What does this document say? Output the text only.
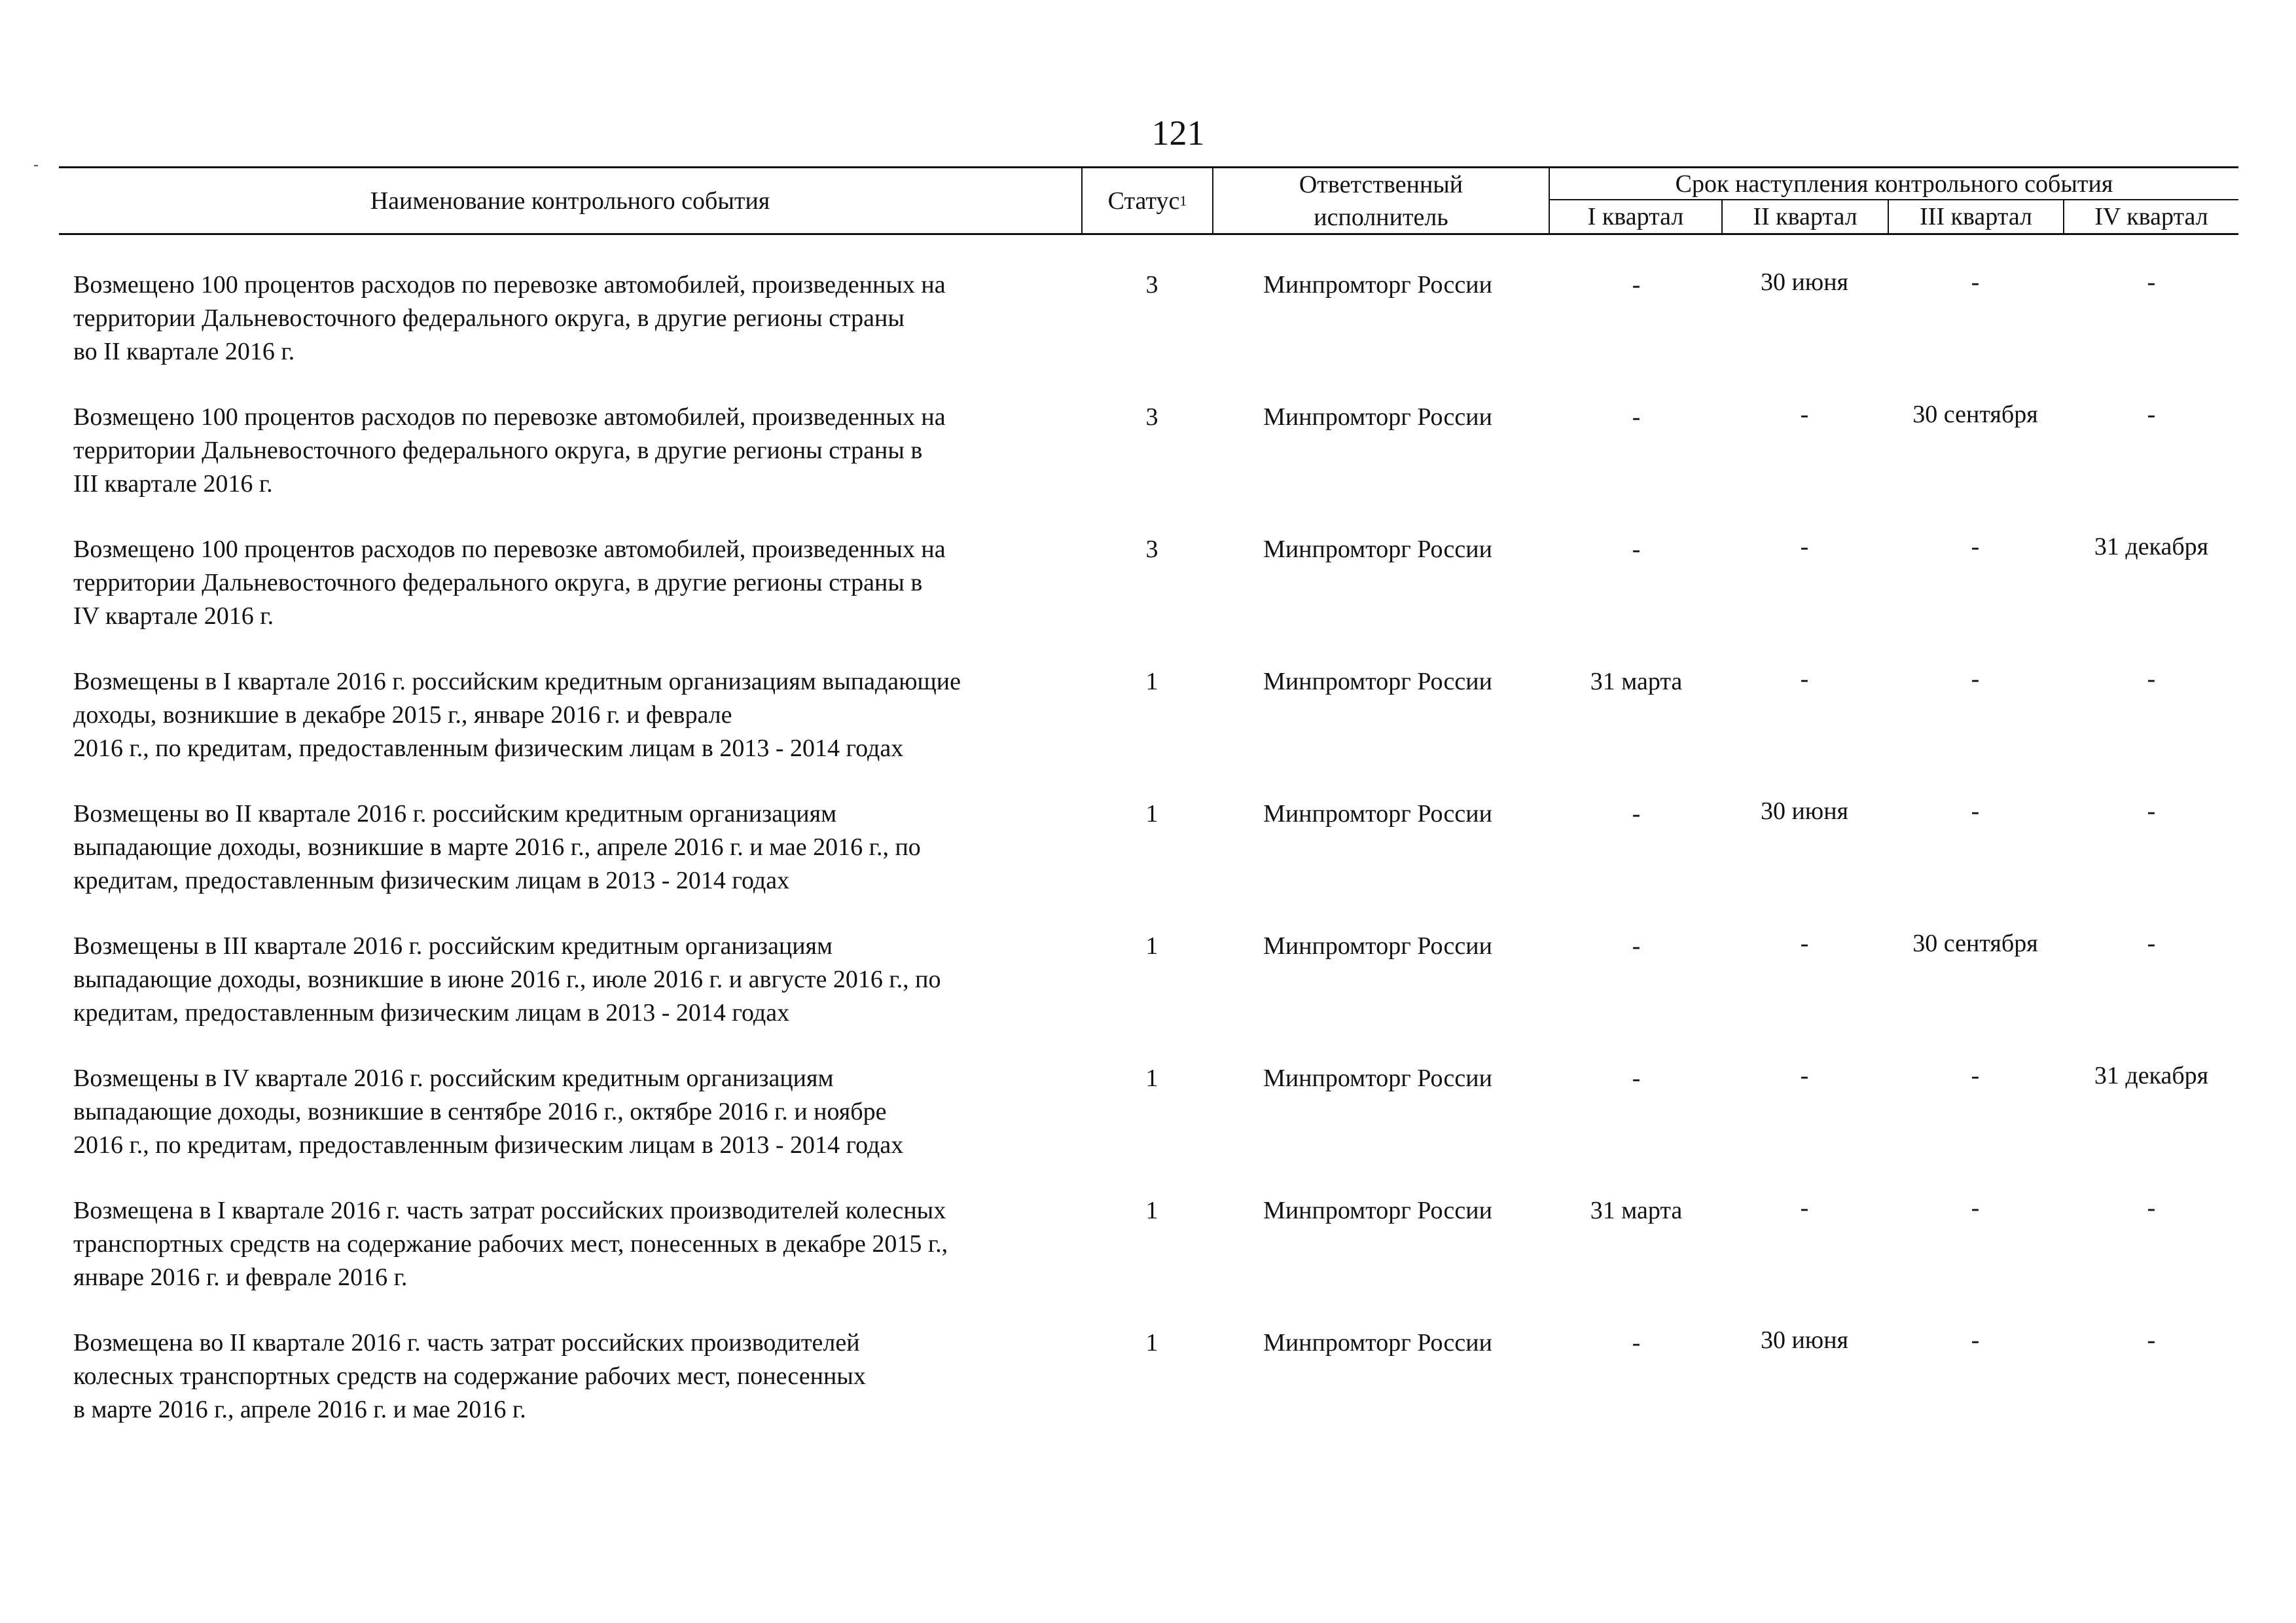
121
Наименование контрольного события	Статус 1
Ответственный
исполнитель
Срок наступления контрольного события
I квартал	II квартал	III квартал	IV квартал
Возмещено 100 процентов расходов по перевозке автомобилей, произведенных на
территории Дальневосточного федерального округа, в другие регионы страны
во II квартале 2016 г.
3	Минпромторг России	-	30 июня	-	-
Возмещено 100 процентов расходов по перевозке автомобилей, произведенных на
территории Дальневосточного федерального округа, в другие регионы страны в
III квартале 2016 г.
3	Минпромторг России	-	-	30 сентября	-
Возмещено 100 процентов расходов по перевозке автомобилей, произведенных на
территории Дальневосточного федерального округа, в другие регионы страны в
IV квартале 2016 г.
3	Минпромторг России	-	-	-	31 декабря
Возмещены в I квартале 2016 г. российским кредитным организациям выпадающие
доходы, возникшие в декабре 2015 г., январе 2016 г. и феврале
2016 г., по кредитам, предоставленным физическим лицам в 2013 - 2014 годах
1	Минпромторг России	31 марта	-	-	-
Возмещены во II квартале 2016 г. российским кредитным организациям
выпадающие доходы, возникшие в марте 2016 г., апреле 2016 г. и мае 2016 г., по
кредитам, предоставленным физическим лицам в 2013 - 2014 годах
1	Минпромторг России	-	30 июня	-	-
Возмещены в III квартале 2016 г. российским кредитным организациям
выпадающие доходы, возникшие в июне 2016 г., июле 2016 г. и августе 2016 г., по
кредитам, предоставленным физическим лицам в 2013 - 2014 годах
1	Минпромторг России	-	-	30 сентября	-
Возмещены в IV квартале 2016 г. российским кредитным организациям
выпадающие доходы, возникшие в сентябре 2016 г., октябре 2016 г. и ноябре
2016 г., по кредитам, предоставленным физическим лицам в 2013 - 2014 годах
1	Минпромторг России	-	-	-	31 декабря
Возмещена в I квартале 2016 г. часть затрат российских производителей колесных
транспортных средств на содержание рабочих мест, понесенных в декабре 2015 г.,
январе 2016 г. и феврале 2016 г.
1	Минпромторг России	31 марта	-	-	-
Возмещена во II квартале 2016 г. часть затрат российских производителей
колесных транспортных средств на содержание рабочих мест, понесенных
в марте 2016 г., апреле 2016 г. и мае 2016 г.
1	Минпромторг России	-	30 июня	-	-
